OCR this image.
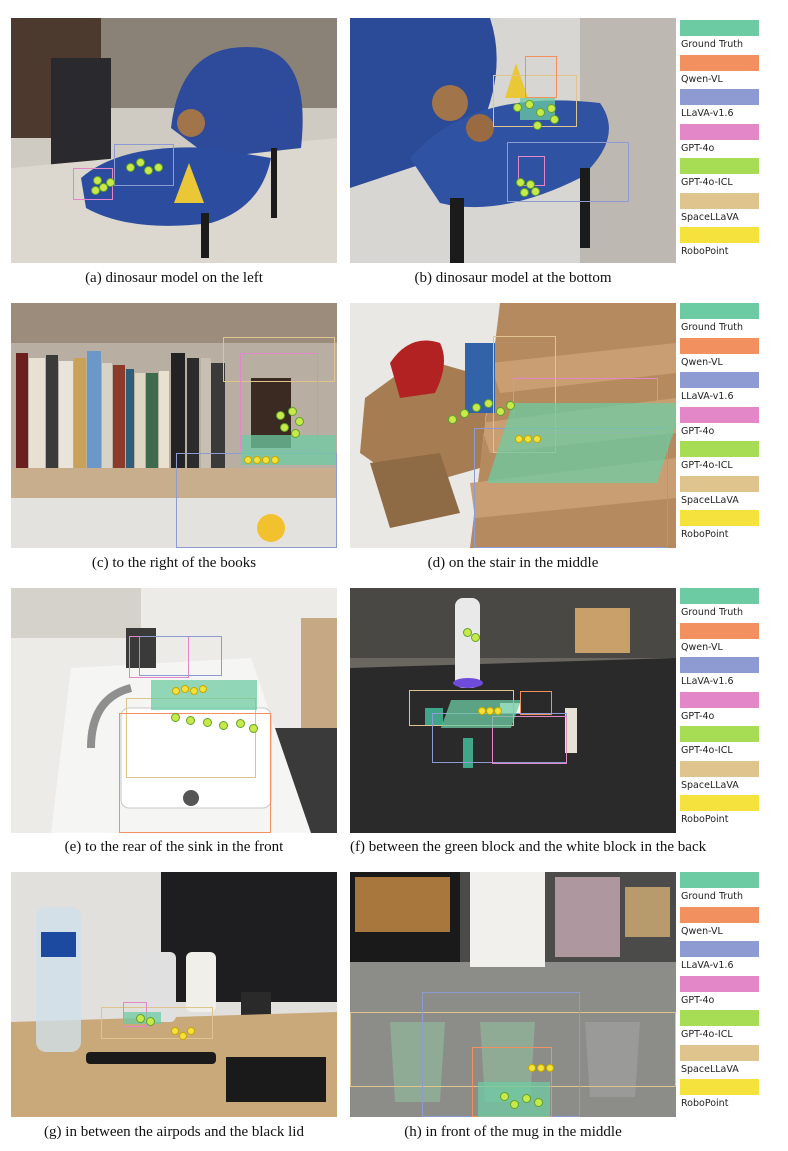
(a) dinosaur model on the left	(b) dinosaur model at the bottom
(c) to the right of the books	(d) on the stair in the middle
(e) to the rear of the sink in the front	(f) between the green block and the white block in the back
(g) in between the airpods and the black lid	(h) in front of the mug in the middle
Ground Truth
Qwen-VL
LLaVA-v1.6
GPT-4o
GPT-4o-ICL
SpaceLLaVA
RoboPoint
Ground Truth
Qwen-VL
LLaVA-v1.6
GPT-4o
GPT-4o-ICL
SpaceLLaVA
RoboPoint
Ground Truth
Qwen-VL
LLaVA-v1.6
GPT-4o
GPT-4o-ICL
SpaceLLaVA
RoboPoint
Ground Truth
Qwen-VL
LLaVA-v1.6
GPT-4o
GPT-4o-ICL
SpaceLLaVA
RoboPoint
